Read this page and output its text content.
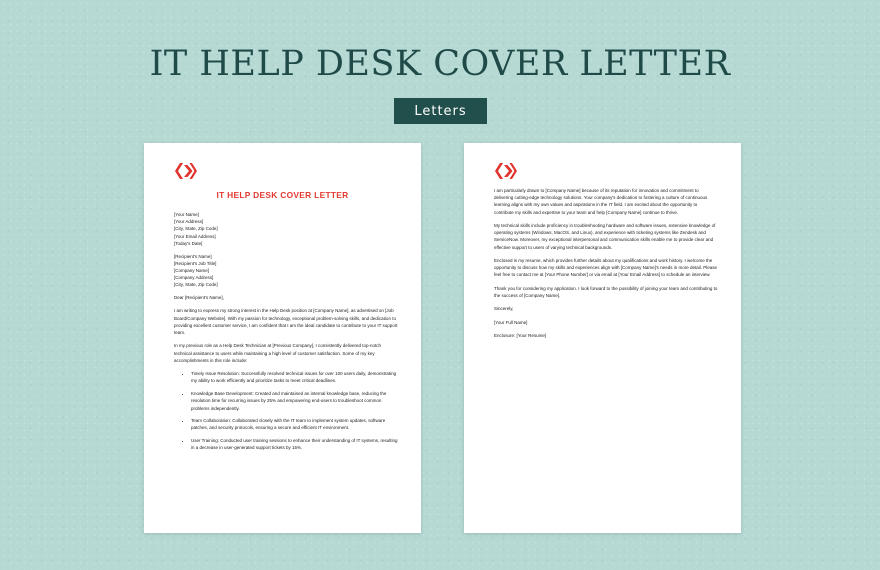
IT HELP DESK COVER LETTER
Letters
IT HELP DESK COVER LETTER
[Your Name]
[Your Address]
[City, State, Zip Code]
[Your Email Address]
[Today's Date]
[Recipient's Name]
[Recipient's Job Title]
[Company Name]
[Company Address]
[City, State, Zip Code]

Dear [Recipient's Name],

I am writing to express my strong interest in the Help Desk position at [Company Name], as advertised on [Job Board/Company Website]. With my passion for technology, exceptional problem-solving skills, and dedication to providing excellent customer service, I am confident that I am the ideal candidate to contribute to your IT support team.

In my previous role as a Help Desk Technician at [Previous Company], I consistently delivered top-notch technical assistance to users while maintaining a high level of customer satisfaction. Some of my key accomplishments in this role include:

• Timely Issue Resolution: Successfully resolved technical issues for over 100 users daily, demonstrating my ability to work efficiently and prioritize tasks to meet critical deadlines.
• Knowledge Base Development: Created and maintained an internal knowledge base, reducing the resolution time for recurring issues by 25% and empowering end-users to troubleshoot common problems independently.
• Team Collaboration: Collaborated closely with the IT team to implement system updates, software patches, and security protocols, ensuring a secure and efficient IT environment.
• User Training: Conducted user training sessions to enhance their understanding of IT systems, resulting in a decrease in user-generated support tickets by 15%.

I am particularly drawn to [Company Name] because of its reputation for innovation and commitment to delivering cutting-edge technology solutions. Your company's dedication to fostering a culture of continuous learning aligns with my own values and aspirations in the IT field. I am excited about the opportunity to contribute my skills and expertise to your team and help [Company Name] continue to thrive.

My technical skills include proficiency in troubleshooting hardware and software issues, extensive knowledge of operating systems (Windows, MacOS, and Linux), and experience with ticketing systems like Zendesk and ServiceNow. Moreover, my exceptional interpersonal and communication skills enable me to provide clear and effective support to users of varying technical backgrounds.

Enclosed is my resume, which provides further details about my qualifications and work history. I welcome the opportunity to discuss how my skills and experiences align with [Company Name]'s needs in more detail. Please feel free to contact me at [Your Phone Number] or via email at [Your Email Address] to schedule an interview.

Thank you for considering my application. I look forward to the possibility of joining your team and contributing to the success of [Company Name].

Sincerely,

[Your Full Name]

Enclosure: [Your Resume]
